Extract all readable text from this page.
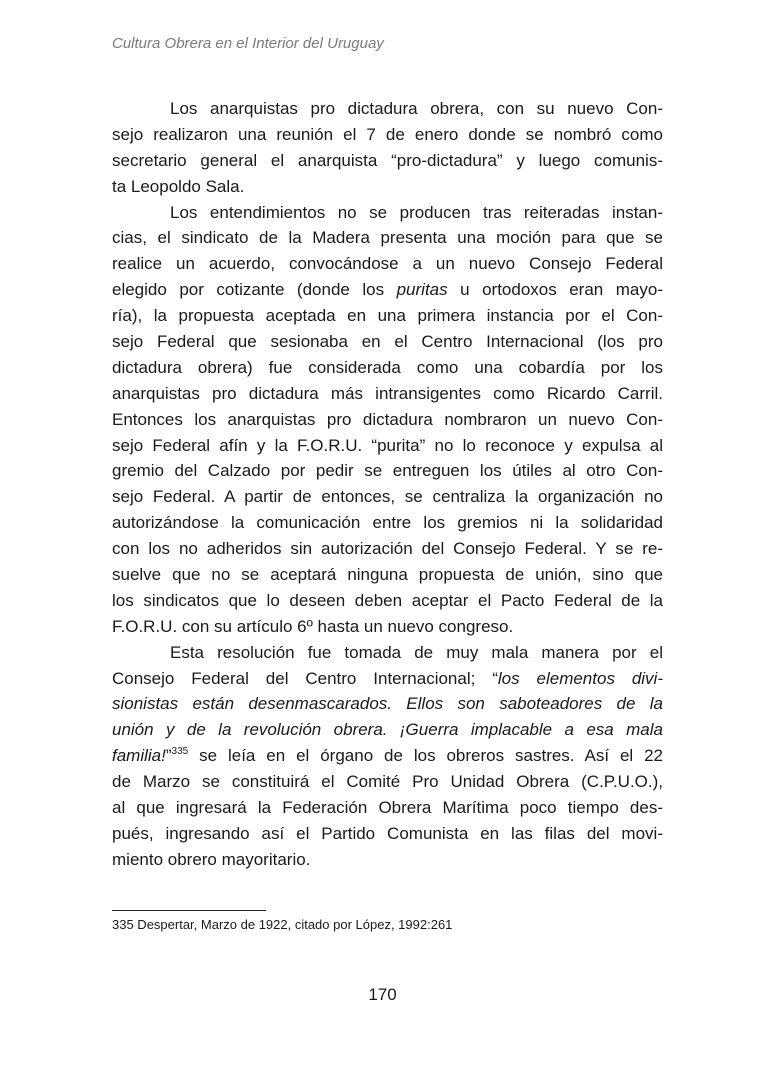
Cultura Obrera en el Interior del Uruguay
Los anarquistas pro dictadura obrera, con su nuevo Con-
sejo realizaron una reunión el 7 de enero donde se nombró como
secretario general el anarquista “pro-dictadura” y luego comunis-
ta Leopoldo Sala.
Los entendimientos no se producen tras reiteradas instan-
cias, el sindicato de la Madera presenta una moción para que se
realice un acuerdo, convocándose a un nuevo Consejo Federal
elegido por cotizante (donde los puritas u ortodoxos eran mayo-
ría), la propuesta aceptada en una primera instancia por el Con-
sejo Federal que sesionaba en el Centro Internacional (los pro
dictadura obrera) fue considerada como una cobardía por los
anarquistas pro dictadura más intransigentes como Ricardo Carril.
Entonces los anarquistas pro dictadura nombraron un nuevo Con-
sejo Federal afín y la F.O.R.U. “purita” no lo reconoce y expulsa al
gremio del Calzado por pedir se entreguen los útiles al otro Con-
sejo Federal. A partir de entonces, se centraliza la organización no
autorizándose la comunicación entre los gremios ni la solidaridad
con los no adheridos sin autorización del Consejo Federal. Y se re-
suelve que no se aceptará ninguna propuesta de unión, sino que
los sindicatos que lo deseen deben aceptar el Pacto Federal de la
F.O.R.U. con su artículo 6º hasta un nuevo congreso.
Esta resolución fue tomada de muy mala manera por el
Consejo Federal del Centro Internacional; “los elementos divi-
sionistas están desenmascarados. Ellos son saboteadores de la
unión y de la revolución obrera. ¡Guerra implacable a esa mala
familia!”$^{335}$ se leía en el órgano de los obreros sastres. Así el 22
de Marzo se constituirá el Comité Pro Unidad Obrera (C.P.U.O.),
al que ingresará la Federación Obrera Marítima poco tiempo des-
pués, ingresando así el Partido Comunista en las filas del movi-
miento obrero mayoritario.
335 Despertar, Marzo de 1922, citado por López, 1992:261
170
